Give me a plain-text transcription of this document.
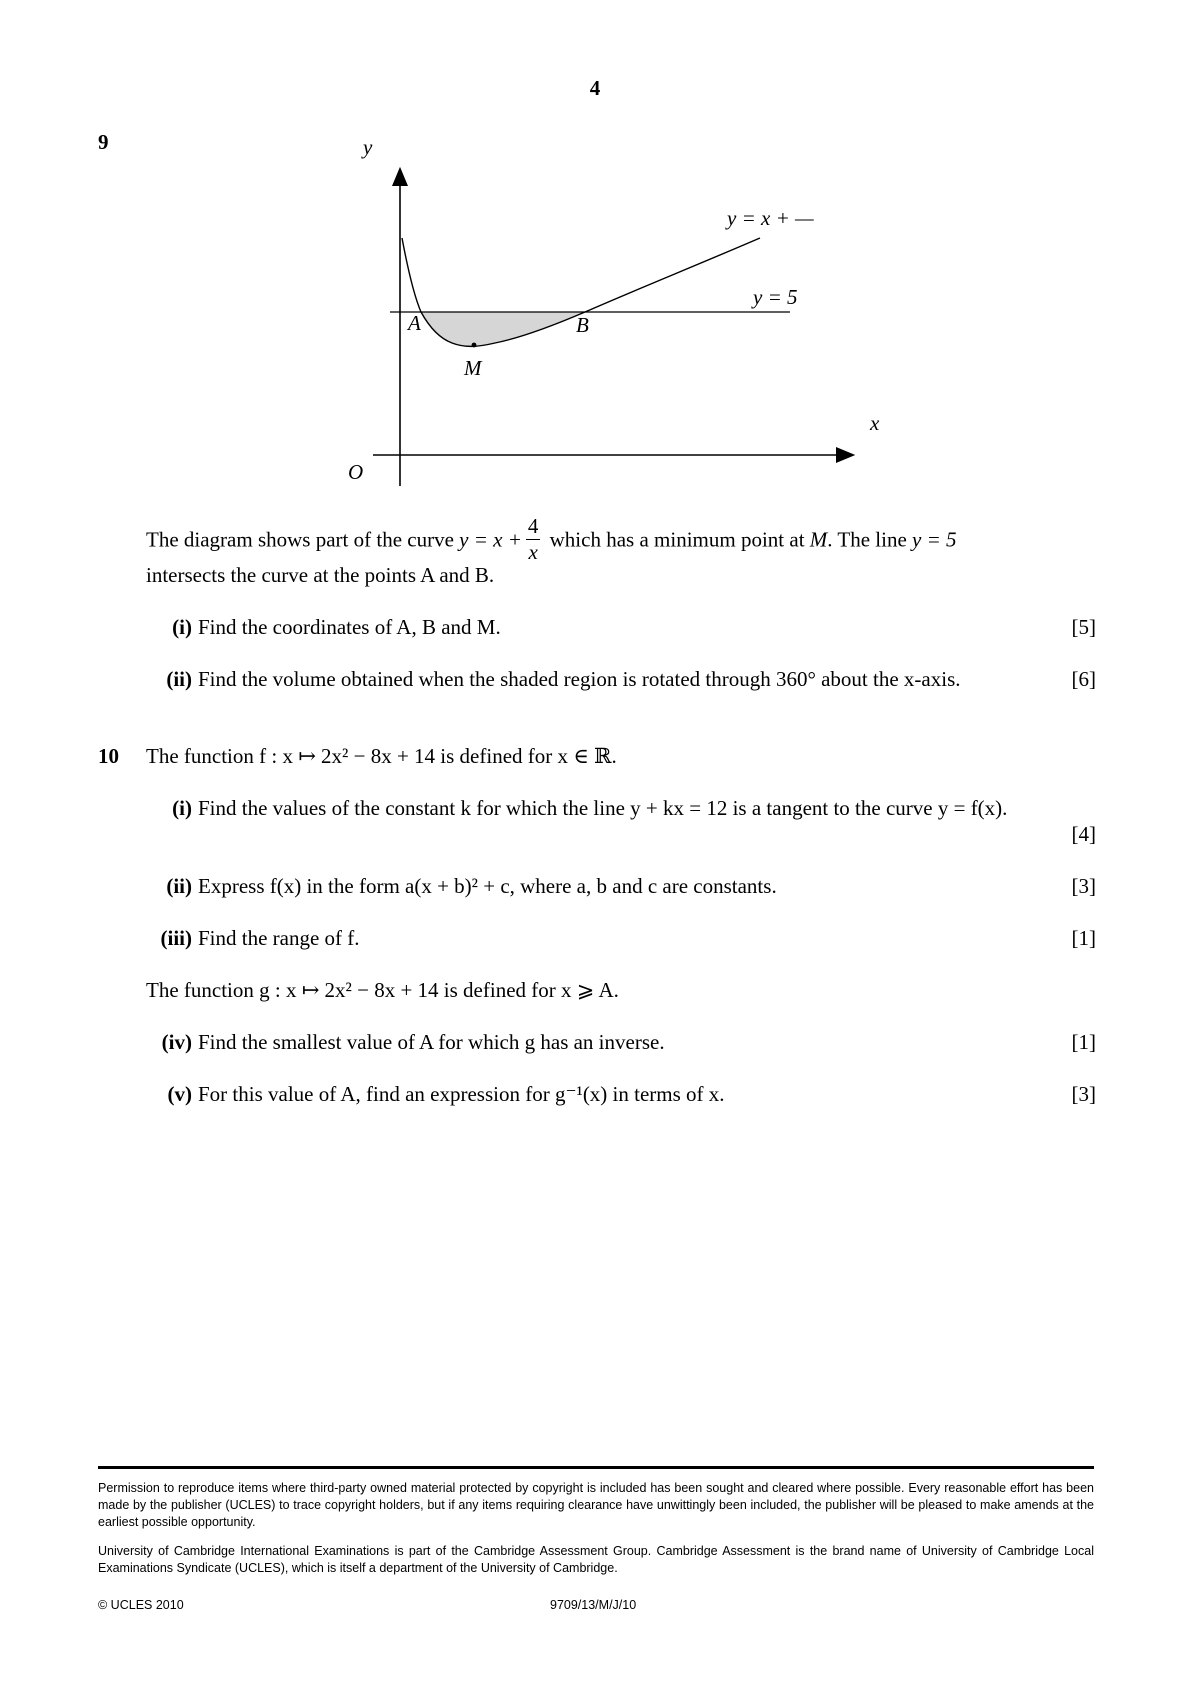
4
9	y
x
O
y = x + —
y = 5
A	B
M
The diagram shows part of the curve $y = x + \frac{4}{x}$ which has a minimum point at M. The line y = 5
intersects the curve at the points A and B.
(i) Find the coordinates of A, B and M.	[5]
(ii) Find the volume obtained when the shaded region is rotated through 360° about the x-axis.	[6]
10 The function f : x ↦ 2x² − 8x + 14 is defined for x ∈ ℝ.
(i) Find the values of the constant k for which the line y + kx = 12 is a tangent to the curve y = f(x).
[4]
(ii) Express f(x) in the form a(x + b)² + c, where a, b and c are constants.	[3]
(iii) Find the range of f.	[1]
The function g : x ↦ 2x² − 8x + 14 is defined for x ⩾ A.
(iv) Find the smallest value of A for which g has an inverse.	[1]
(v) For this value of A, find an expression for g⁻¹(x) in terms of x.	[3]
Permission to reproduce items where third-party owned material protected by copyright is included has been sought and cleared where possible. Every reasonable effort has been made by the publisher (UCLES) to trace copyright holders, but if any items requiring clearance have unwittingly been included, the publisher will be pleased to make amends at the earliest possible opportunity.
University of Cambridge International Examinations is part of the Cambridge Assessment Group. Cambridge Assessment is the brand name of University of Cambridge Local Examinations Syndicate (UCLES), which is itself a department of the University of Cambridge.
© UCLES 2010	9709/13/M/J/10
